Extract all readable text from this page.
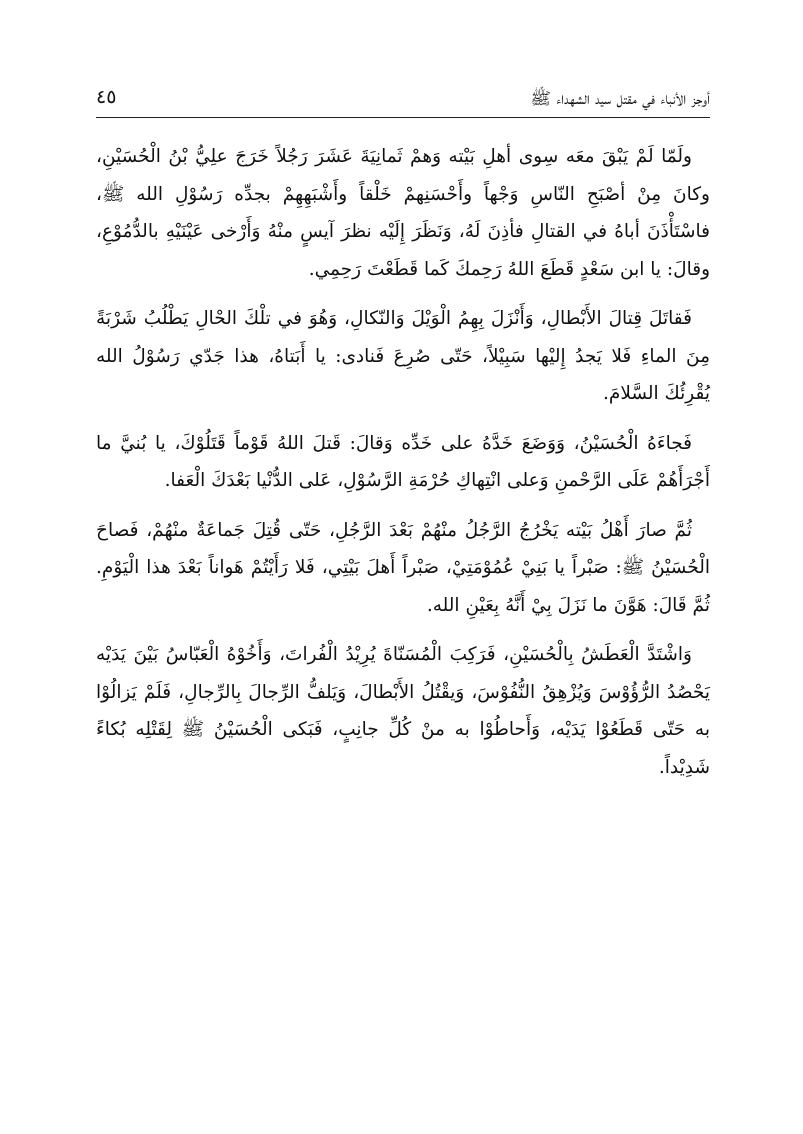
أوجز الأنباء في مقتل سيد الشهداء ﷺ
٤٥

ولَمّا لَمْ يَبْقَ معَه سِوى أهلِ بَيْته وَهمْ ثَمانِيَةَ عَشَرَ رَجُلاً خَرَجَ علِيُّ بْنُ الْحُسَيْنِ، وكانَ مِنْ أصْبَحِ النّاسِ وَجْهاً وأَحْسَنِهمْ خَلْقاً وأَشْبَهِهِمْ بجدِّه رَسُوْلِ الله ﷺ، فاسْتَأْذَنَ أباهُ في القتالِ فأذِنَ لَهُ، وَنَظَرَ إِلَيْه نظرَ آيسٍ منْهُ وَأَرْخى عَيْنَيْهِ بالدُّمُوْعِ، وقالَ: يا ابن سَعْدٍ قَطَعَ اللهُ رَحِمكَ كَما قَطَعْتَ رَحِمِي.

فَقاتَلَ قِتالَ الأَبْطالِ، وَأَنْزَلَ بِهِمُ الْوَيْلَ وَالنّكالِ، وَهُوَ في تلْكَ الحْالِ يَطْلُبُ شَرْبَةً مِنَ الماءِ فَلا يَجدُ إِليْها سَبِيْلاً، حَتّى صُرِعَ فَنادى: يا أَبَتاهُ، هذا جَدّي رَسُوْلُ الله يُقْرِئُكَ السَّلامَ.

فَجاءَهُ الْحُسَيْنُ، وَوَضَعَ خَدَّهُ على خَدِّه وَقالَ: قَتلَ اللهُ قَوْماً قَتَلُوْكَ، يا بُنيَّ ما أَجْرَأَهُمْ عَلَى الرَّحْمنِ وَعلى انْتِهاكِ حُرْمَةِ الرَّسُوْلِ، عَلى الدُّنْيا بَعْدَكَ الْعَفا.

ثُمَّ صارَ أَهْلُ بَيْته يَخْرُجُ الرَّجُلُ منْهُمْ بَعْدَ الرَّجُلِ، حَتّى قُتِلَ جَماعَةٌ منْهُمْ، فَصاحَ الْحُسَيْنُ ﷺ: صَبْراً يا بَنِيْ عُمُوْمَتِيْ، صَبْراً أَهلَ بَيْتِي، فَلا رَأَيْتُمْ هَواناً بَعْدَ هذا الْيَوْمِ. ثُمَّ قَالَ: هَوَّنَ ما نَزَلَ بِيْ أَنَّهُ بِعَيْنِ الله.

وَاشْتَدَّ الْعَطَشُ بِالْحُسَيْنِ، فَرَكِبَ الْمُسَنّاةَ يُرِيْدُ الْفُراتَ، وَأَخُوْهُ الْعَبّاسُ بَيْنَ يَدَيْه يَحْصُدُ الرُّؤُوْسَ وَيُزْهِقُ النُّفُوْسَ، وَيقْتُلُ الأَبْطالَ، وَيَلفُّ الرِّجالَ بِالرِّجالِ، فَلَمْ يَزالُوْا به حَتّى قَطَعُوْا يَدَيْه، وَأَحاطُوْا به منْ كُلِّ جانِبٍ، فَبَكى الْحُسَيْنُ ﷺ لِقَتْلِه بُكاءً شَدِيْداً.
